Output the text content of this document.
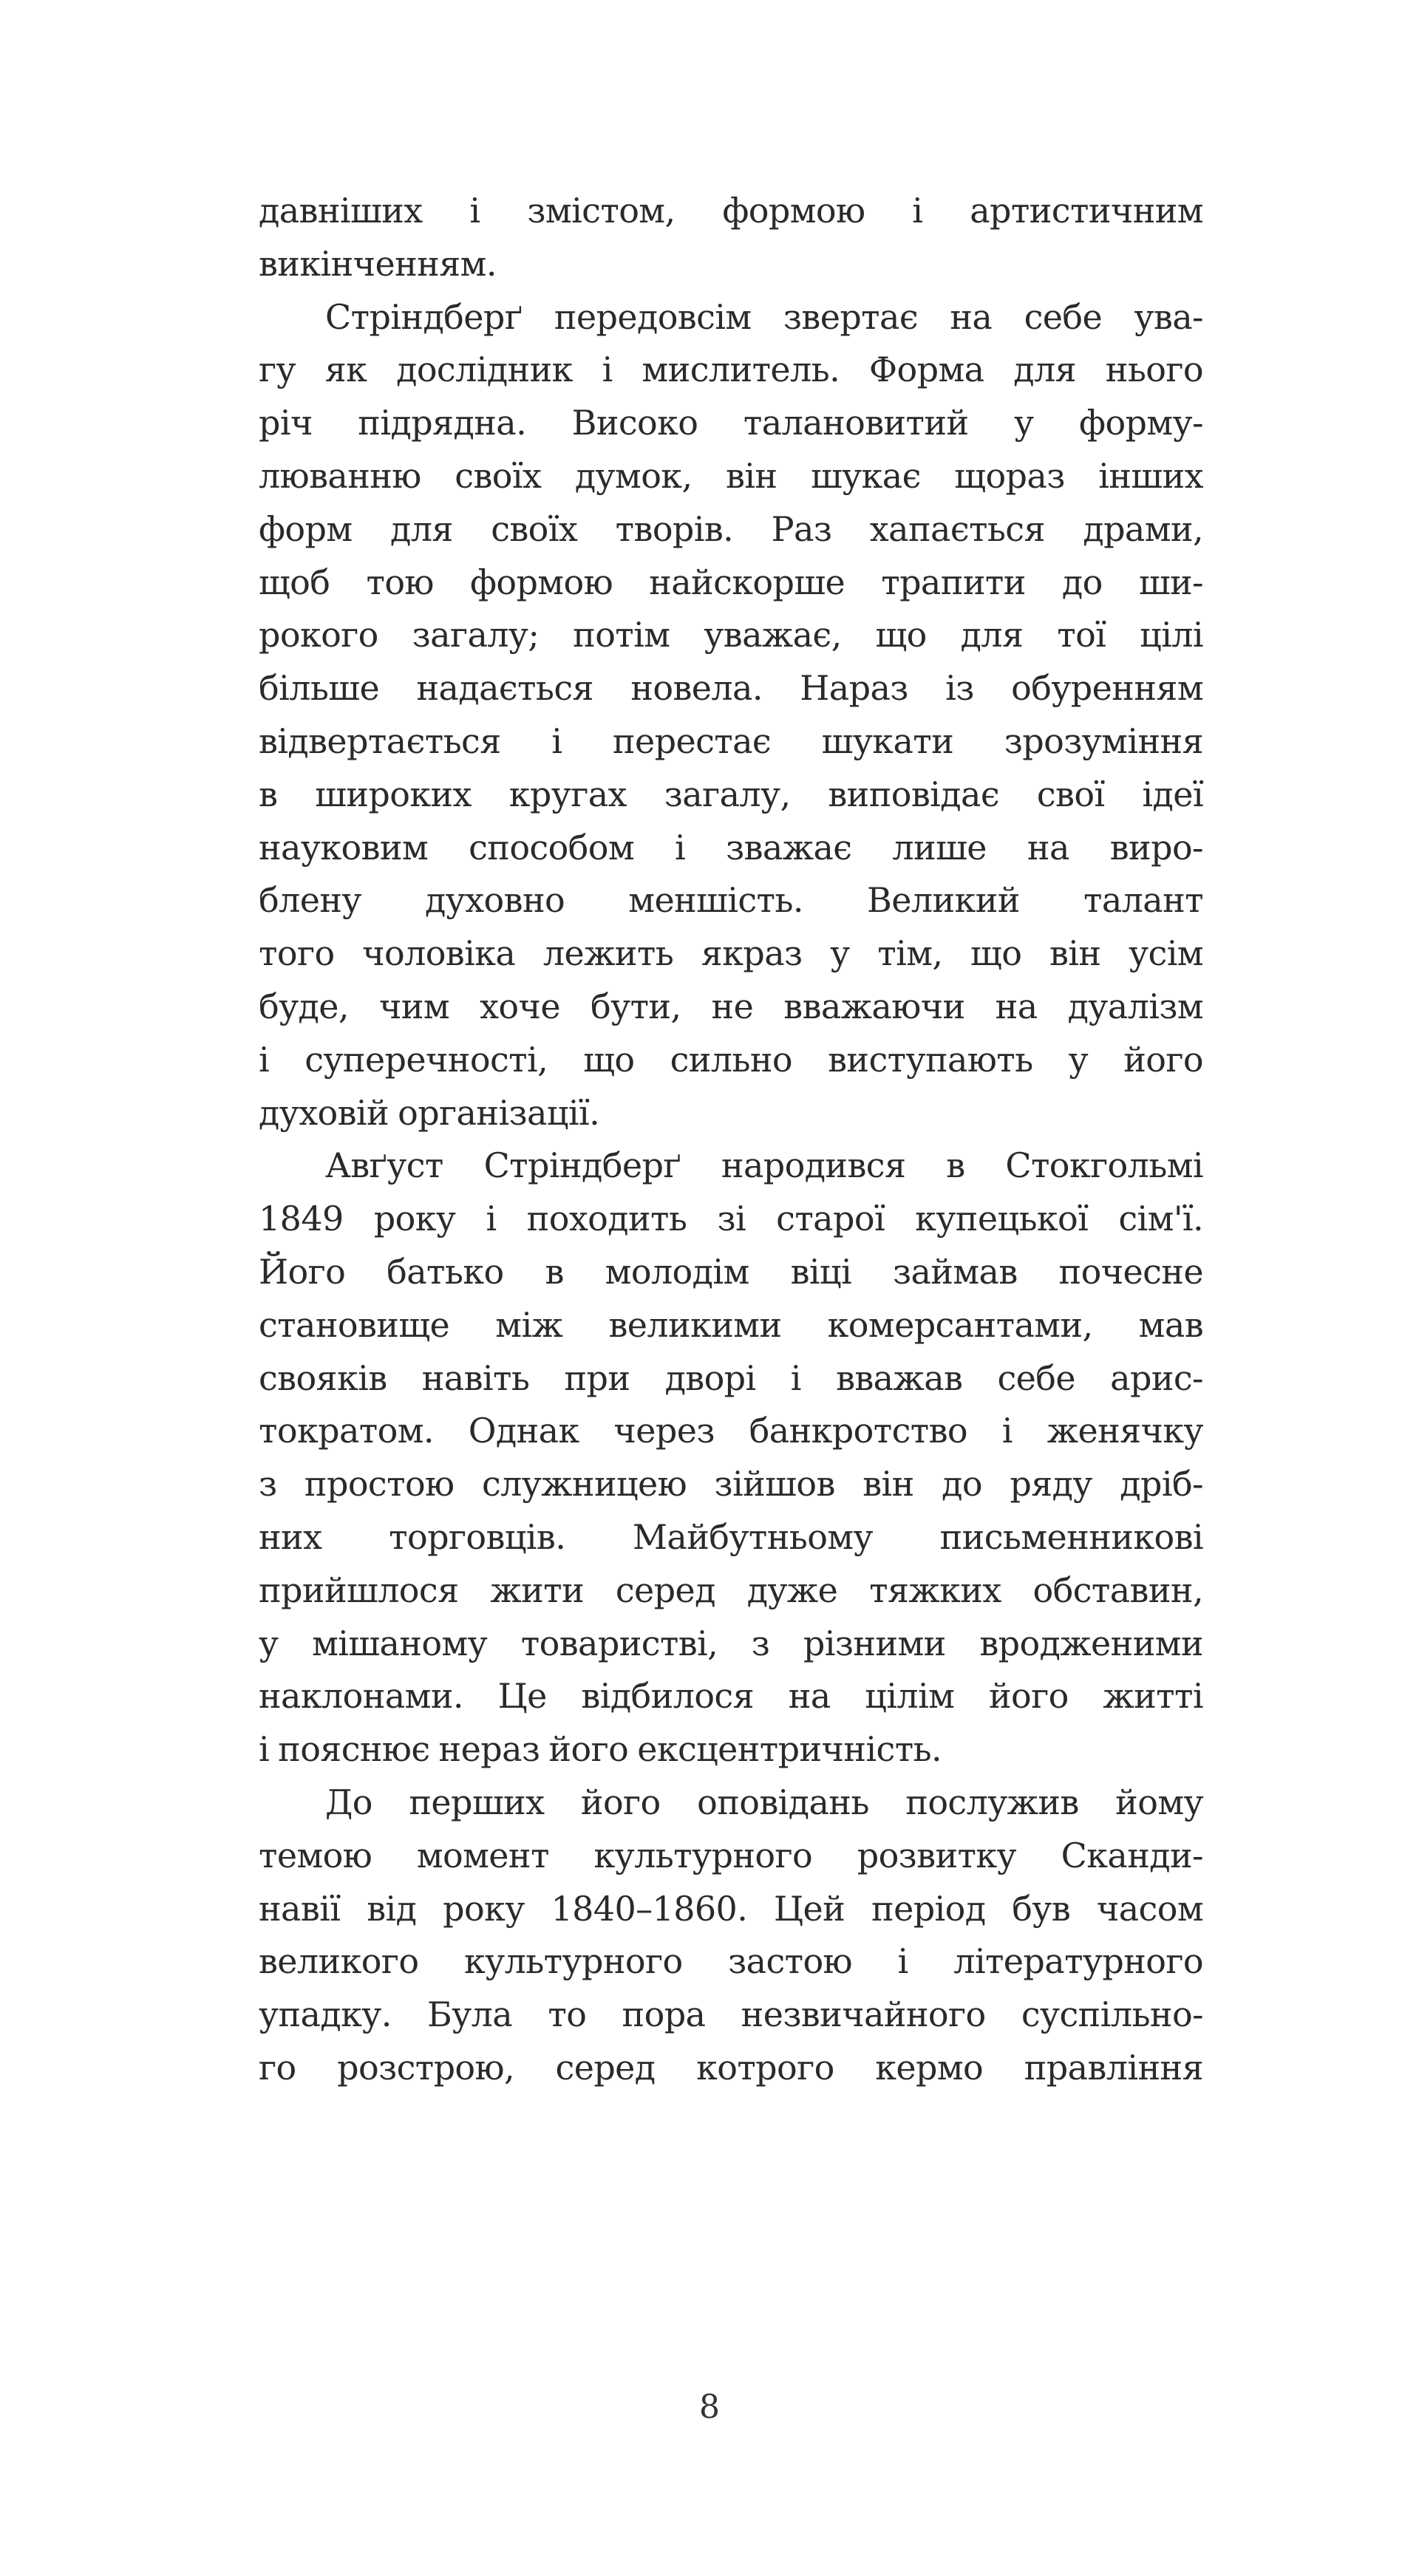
давніших і змістом, формою і артистичним
викінченням.
Стріндберґ передовсім звертає на себе ува-
гу як дослідник і мислитель. Форма для нього
річ підрядна. Високо талановитий у форму-
люванню своїх думок, він шукає щораз інших
форм для своїх творів. Раз хапається драми,
щоб тою формою найскорше трапити до ши-
рокого загалу; потім уважає, що для тої цілі
більше надається новела. Нараз із обуренням
відвертається і перестає шукати зрозуміння
в широких кругах загалу, виповідає свої ідеї
науковим способом і зважає лише на виро-
блену духовно меншість. Великий талант
того чоловіка лежить якраз у тім, що він усім
буде, чим хоче бути, не вважаючи на дуалізм
і суперечності, що сильно виступають у його
духовій організації.
Авґуст Стріндберґ народився в Стокгольмі
1849 року і походить зі старої купецької сім'ї.
Його батько в молодім віці займав почесне
становище між великими комерсантами, мав
свояків навіть при дворі і вважав себе арис-
тократом. Однак через банкротство і женячку
з простою служницею зійшов він до ряду дріб-
них торговців. Майбутньому письменникові
прийшлося жити серед дуже тяжких обставин,
у мішаному товаристві, з різними вродженими
наклонами. Це відбилося на цілім його житті
і пояснює нераз його ексцентричність.
До перших його оповідань послужив йому
темою момент культурного розвитку Сканди-
навії від року 1840–1860. Цей період був часом
великого культурного застою і літературного
упадку. Була то пора незвичайного суспільно-
го розстрою, серед котрого кермо правління
8
